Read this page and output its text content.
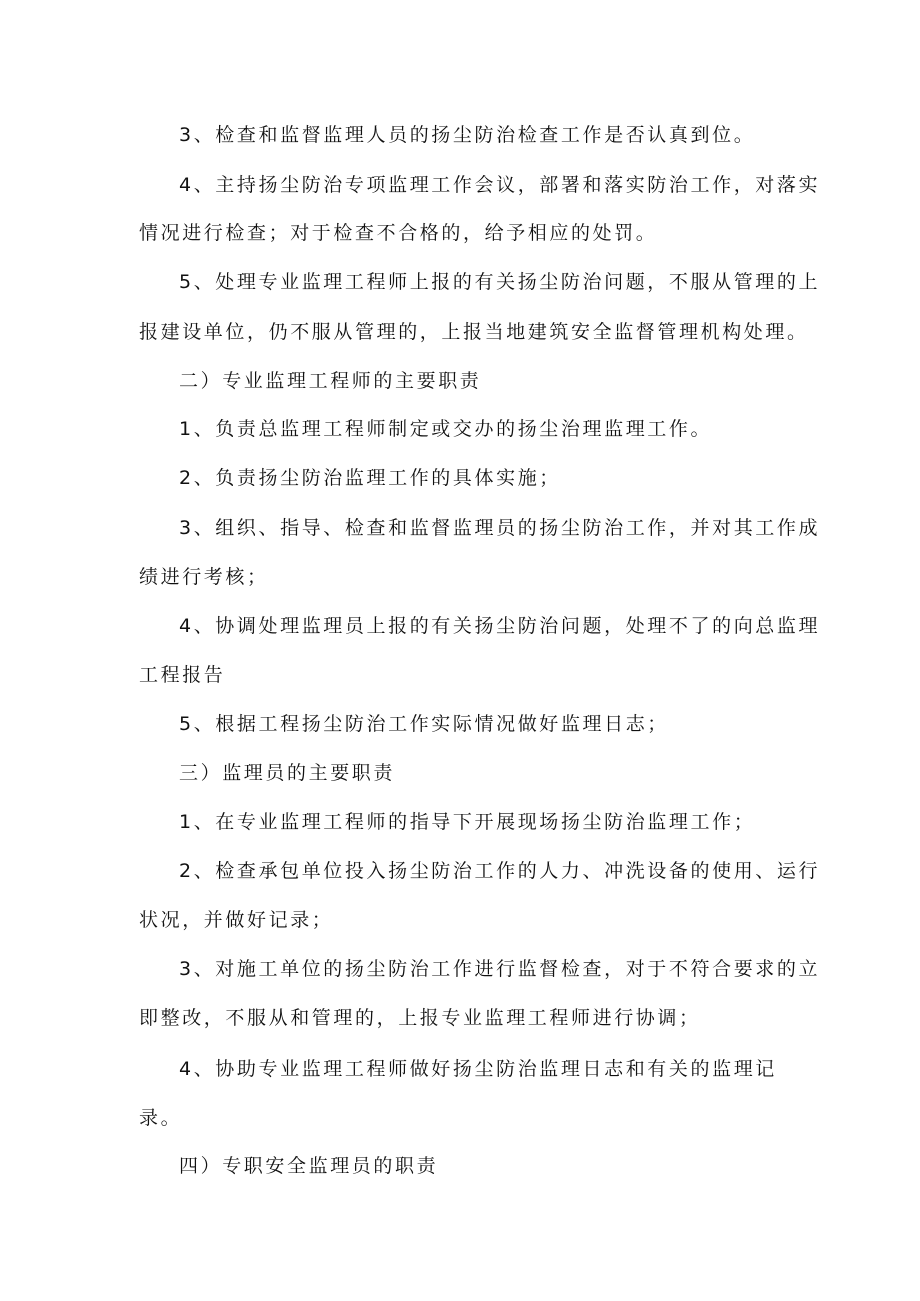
3、检查和监督监理人员的扬尘防治检查工作是否认真到位。

4、主持扬尘防治专项监理工作会议，部署和落实防治工作，对落实

情况进行检查；对于检查不合格的，给予相应的处罚。

5、处理专业监理工程师上报的有关扬尘防治问题，不服从管理的上

报建设单位，仍不服从管理的，上报当地建筑安全监督管理机构处理。

二）专业监理工程师的主要职责

1、负责总监理工程师制定或交办的扬尘治理监理工作。

2、负责扬尘防治监理工作的具体实施；

3、组织、指导、检查和监督监理员的扬尘防治工作，并对其工作成

绩进行考核；

4、协调处理监理员上报的有关扬尘防治问题，处理不了的向总监理

工程报告

5、根据工程扬尘防治工作实际情况做好监理日志；

三）监理员的主要职责

1、在专业监理工程师的指导下开展现场扬尘防治监理工作；

2、检查承包单位投入扬尘防治工作的人力、冲洗设备的使用、运行

状况，并做好记录；

3、对施工单位的扬尘防治工作进行监督检查，对于不符合要求的立

即整改，不服从和管理的，上报专业监理工程师进行协调；

4、协助专业监理工程师做好扬尘防治监理日志和有关的监理记

录。

四）专职安全监理员的职责
